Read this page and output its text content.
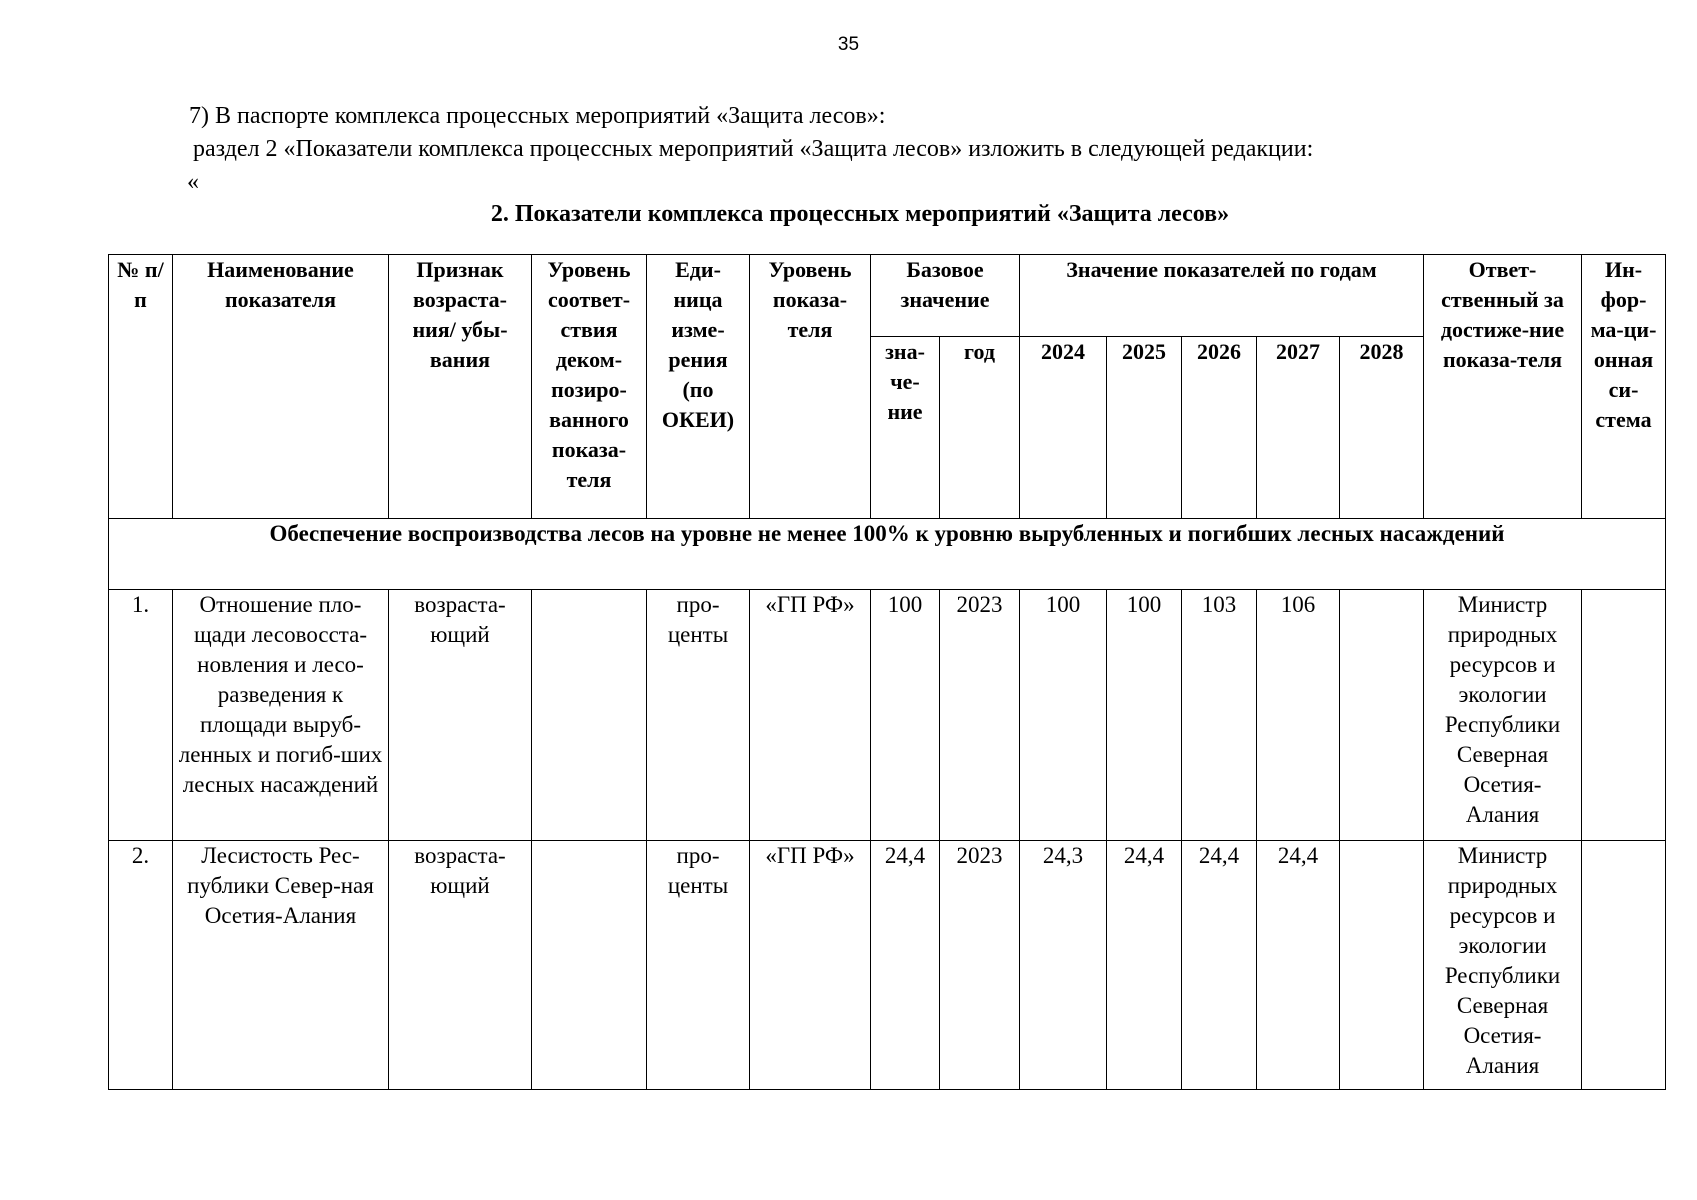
35
7) В паспорте комплекса процессных мероприятий «Защита лесов»:
раздел 2 «Показатели комплекса процессных мероприятий «Защита лесов» изложить в следующей редакции:
«
2. Показатели комплекса процессных мероприятий «Защита лесов»
№ п/п	Наименование показателя	Признак возраста-ния/ убы-вания	Уровень соответ-ствия деком-позиро-ванного показа-теля	Еди-ница изме-рения (по ОКЕИ)	Уровень показа-теля	Базовое значение		Значение показателей по годам					Ответ-ственный за достиже-ние показа-теля	Ин-фор-ма-ци-онная си-стема
						зна-че-ние	год	2024	2025	2026	2027	2028		
Обеспечение воспроизводства лесов на уровне не менее 100% к уровню вырубленных и погибших лесных насаждений														
1.	Отношение пло-щади лесовосста-новления и лесо-разведения к площади выруб-ленных и погиб-ших лесных насаждений	возраста-ющий		про-центы	«ГП РФ»	100	2023	100	100	103	106		Министр природных ресурсов и экологии Республики Северная Осетия-Алания	
2.	Лесистость Рес-публики Север-ная Осетия-Алания	возраста-ющий		про-центы	«ГП РФ»	24,4	2023	24,3	24,4	24,4	24,4		Министр природных ресурсов и экологии Республики Северная Осетия-Алания	
